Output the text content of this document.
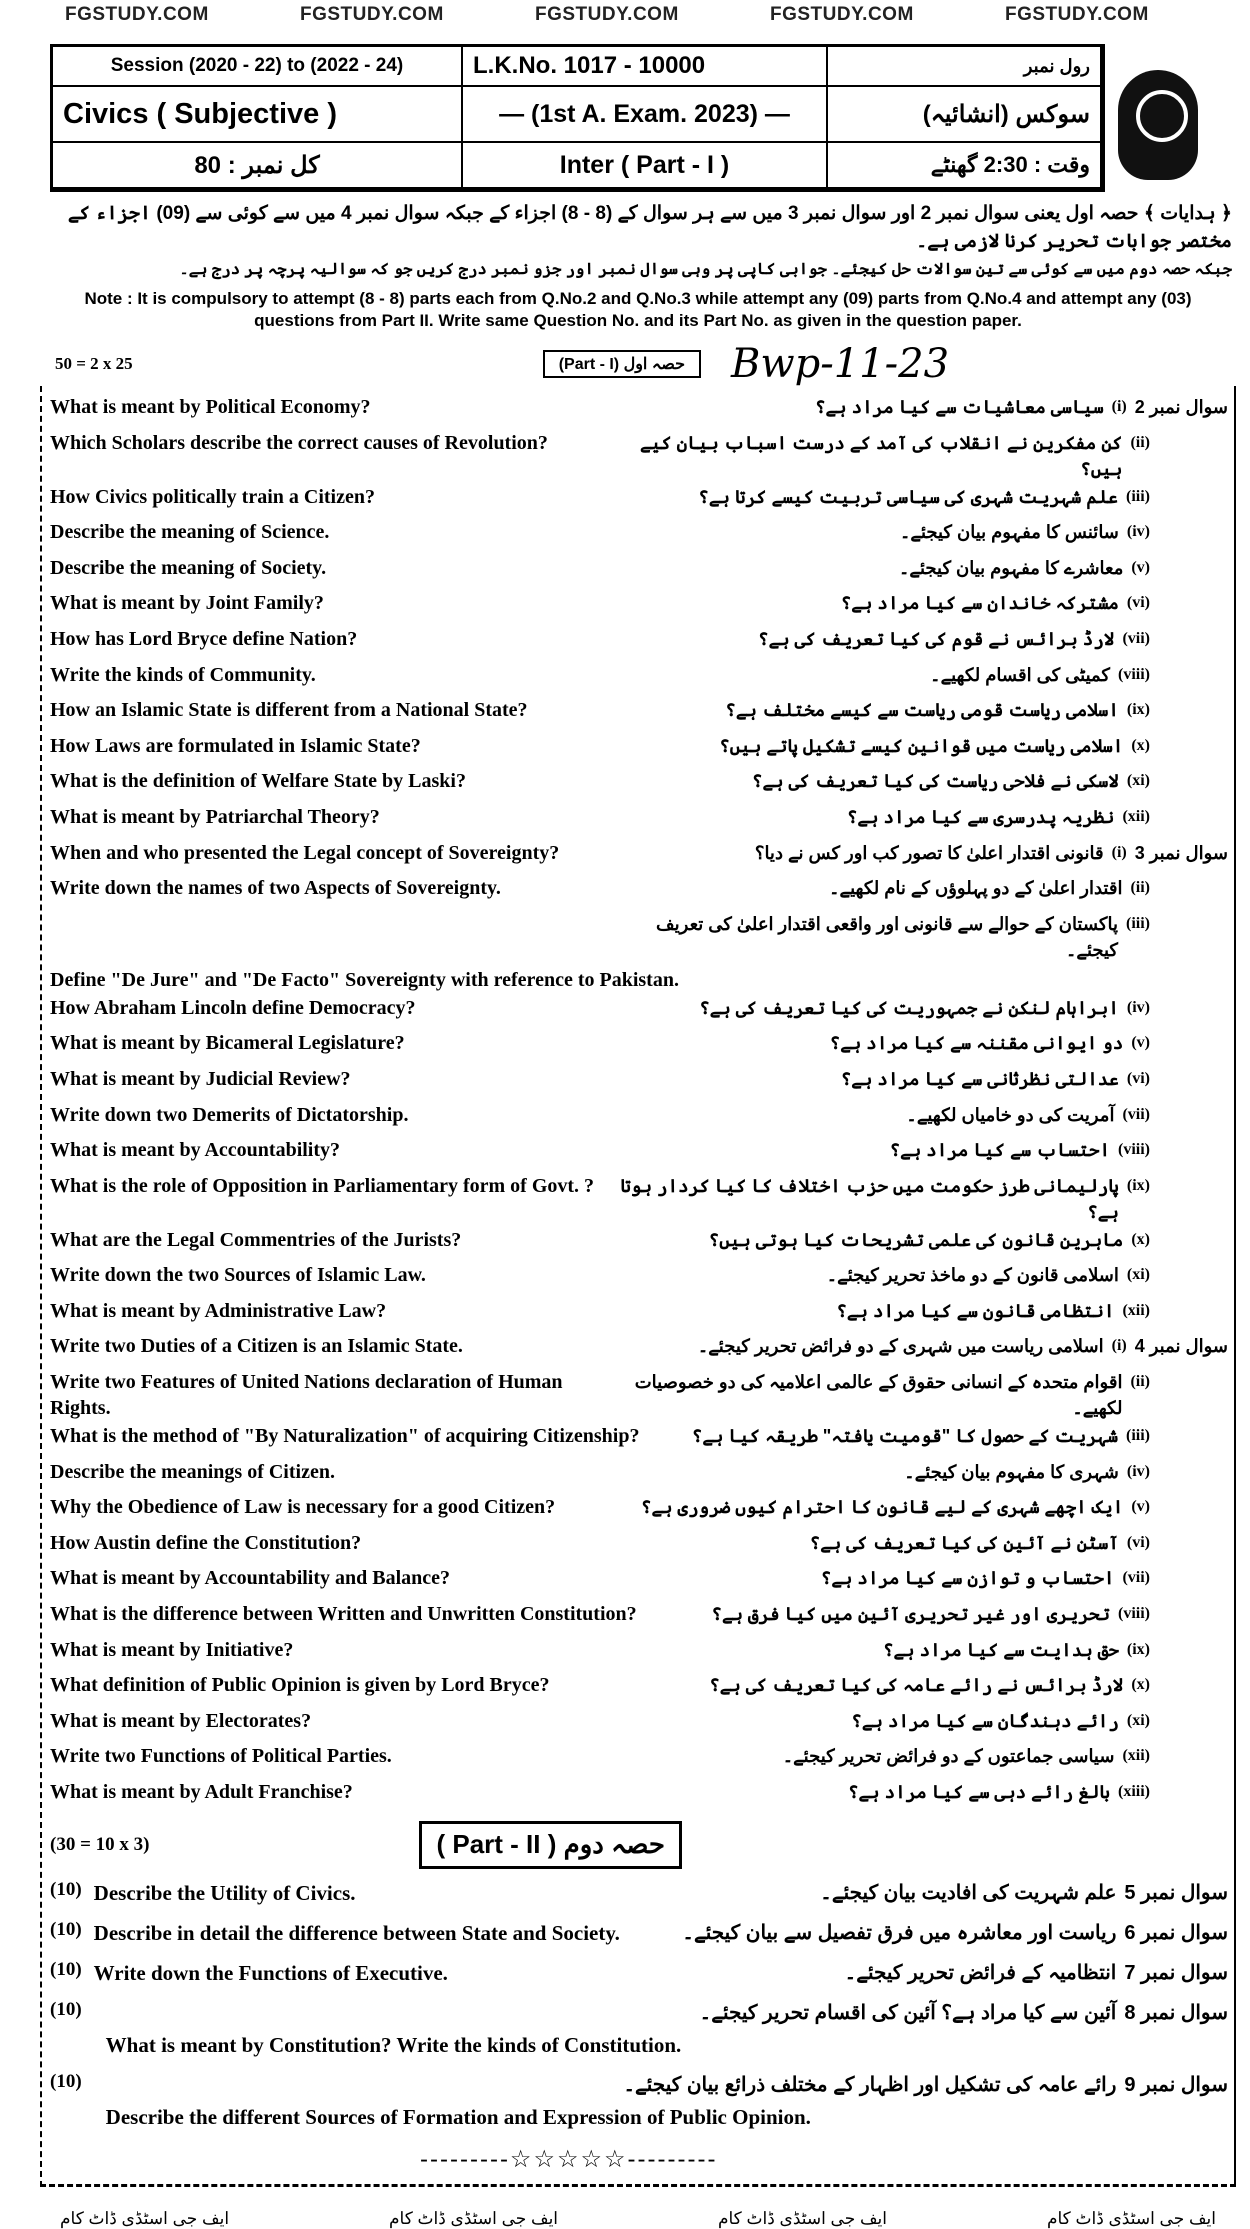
FGSTUDY.COM	FGSTUDY.COM	FGSTUDY.COM	FGSTUDY.COM	FGSTUDY.COM
Session (2020 - 22) to (2022 - 24)	L.K.No. 1017 - 10000	رول نمبر
Civics ( Subjective )	— (1st A. Exam. 2023) —	سوکس (انشائیہ)
کل نمبر : 80	Inter ( Part - I )	وقت : 2:30 گھنٹے
﴿ ہدایات ﴾ حصہ اول یعنی سوال نمبر 2 اور سوال نمبر 3 میں سے ہر سوال کے (8 - 8) اجزاء کے جبکہ سوال نمبر 4 میں سے کوئی سے (09) اجزاء کے مختصر جوابات تحریر کرنا لازمی ہے۔
جبکہ حصہ دوم میں سے کوئی سے تین سوالات حل کیجئے۔ جوابی کاپی پر وہی سوال نمبر اور جزو نمبر درج کریں جو کہ سوالیہ پرچہ پر درج ہے۔
Note : It is compulsory to attempt (8 - 8) parts each from Q.No.2 and Q.No.3 while attempt any (09) parts from Q.No.4 and attempt any (03) questions from Part II. Write same Question No. and its Part No. as given in the question paper.
50 = 2 x 25	(Part - I) حصہ اول	Bwp-11-23
What is meant by Political Economy?	سوال نمبر 2
(i)
سیاسی معاشیات سے کیا مراد ہے؟
Which Scholars describe the correct causes of Revolution?	(ii)
کن مفکرین نے انقلاب کی آمد کے درست اسباب بیان کیے ہیں؟
How Civics politically train a Citizen?	(iii)
علم شہریت شہری کی سیاسی تربیت کیسے کرتا ہے؟
Describe the meaning of Science.	(iv)
سائنس کا مفہوم بیان کیجئے۔
Describe the meaning of Society.	(v)
معاشرے کا مفہوم بیان کیجئے۔
What is meant by Joint Family?	(vi)
مشترکہ خاندان سے کیا مراد ہے؟
How has Lord Bryce define Nation?	(vii)
لارڈ برائس نے قوم کی کیا تعریف کی ہے؟
Write the kinds of Community.	(viii)
کمیٹی کی اقسام لکھیے۔
How an Islamic State is different from a National State?	(ix)
اسلامی ریاست قومی ریاست سے کیسے مختلف ہے؟
How Laws are formulated in Islamic State?	(x)
اسلامی ریاست میں قوانین کیسے تشکیل پاتے ہیں؟
What is the definition of Welfare State by Laski?	(xi)
لاسکی نے فلاحی ریاست کی کیا تعریف کی ہے؟
What is meant by Patriarchal Theory?	(xii)
نظریہ پدرسری سے کیا مراد ہے؟
When and who presented the Legal concept of Sovereignty?	سوال نمبر 3
(i)
قانونی اقتدار اعلیٰ کا تصور کب اور کس نے دیا؟
Write down the names of two Aspects of Sovereignty.	(ii)
اقتدار اعلیٰ کے دو پہلوؤں کے نام لکھیے۔
(iii)
پاکستان کے حوالے سے قانونی اور واقعی اقتدار اعلیٰ کی تعریف کیجئے۔
Define "De Jure" and "De Facto" Sovereignty with reference to Pakistan.
How Abraham Lincoln define Democracy?	(iv)
ابراہام لنکن نے جمہوریت کی کیا تعریف کی ہے؟
What is meant by Bicameral Legislature?	(v)
دو ایوانی مقننہ سے کیا مراد ہے؟
What is meant by Judicial Review?	(vi)
عدالتی نظرثانی سے کیا مراد ہے؟
Write down two Demerits of Dictatorship.	(vii)
آمریت کی دو خامیاں لکھیے۔
What is meant by Accountability?	(viii)
احتساب سے کیا مراد ہے؟
What is the role of Opposition in Parliamentary form of Govt. ?	(ix)
پارلیمانی طرز حکومت میں حزب اختلاف کا کیا کردار ہوتا ہے؟
What are the Legal Commentries of the Jurists?	(x)
ماہرین قانون کی علمی تشریحات کیا ہوتی ہیں؟
Write down the two Sources of Islamic Law.	(xi)
اسلامی قانون کے دو ماخذ تحریر کیجئے۔
What is meant by Administrative Law?	(xii)
انتظامی قانون سے کیا مراد ہے؟
Write two Duties of a Citizen is an Islamic State.	سوال نمبر 4
(i)
اسلامی ریاست میں شہری کے دو فرائض تحریر کیجئے۔
Write two Features of United Nations declaration of Human Rights.
(ii)
اقوام متحدہ کے انسانی حقوق کے عالمی اعلامیہ کی دو خصوصیات لکھیے۔
What is the method of "By Naturalization" of acquiring Citizenship?	(iii)
شہریت کے حصول کا "قومیت یافتہ" طریقہ کیا ہے؟
Describe the meanings of Citizen.	(iv)
شہری کا مفہوم بیان کیجئے۔
Why the Obedience of Law is necessary for a good Citizen?	(v)
ایک اچھے شہری کے لیے قانون کا احترام کیوں ضروری ہے؟
How Austin define the Constitution?	(vi)
آسٹن نے آئین کی کیا تعریف کی ہے؟
What is meant by Accountability and Balance?	(vii)
احتساب و توازن سے کیا مراد ہے؟
What is the difference between Written and Unwritten Constitution?	(viii)
تحریری اور غیر تحریری آئین میں کیا فرق ہے؟
What is meant by Initiative?	(ix)
حق ہدایت سے کیا مراد ہے؟
What definition of Public Opinion is given by Lord Bryce?	(x)
لارڈ برائس نے رائے عامہ کی کیا تعریف کی ہے؟
What is meant by Electorates?	(xi)
رائے دہندگان سے کیا مراد ہے؟
Write two Functions of Political Parties.	(xii)
سیاسی جماعتوں کے دو فرائض تحریر کیجئے۔
What is meant by Adult Franchise?	(xiii)
بالغ رائے دہی سے کیا مراد ہے؟
(30 = 10 x 3)	( Part - II ) حصہ دوم
(10) Describe the Utility of Civics.	سوال نمبر 5
علم شہریت کی افادیت بیان کیجئے۔
(10) Describe in detail the difference between State and Society.	سوال نمبر 6
ریاست اور معاشرہ میں فرق تفصیل سے بیان کیجئے۔
(10) Write down the Functions of Executive.	سوال نمبر 7
انتظامیہ کے فرائض تحریر کیجئے۔
(10)	سوال نمبر 8
آئین سے کیا مراد ہے؟ آئین کی اقسام تحریر کیجئے۔
What is meant by Constitution? Write the kinds of Constitution.
(10)	سوال نمبر 9
رائے عامہ کی تشکیل اور اظہار کے مختلف ذرائع بیان کیجئے۔
Describe the different Sources of Formation and Expression of Public Opinion.
---------☆☆☆☆☆---------
ایف جی اسٹڈی ڈاٹ کام	ایف جی اسٹڈی ڈاٹ کام	ایف جی اسٹڈی ڈاٹ کام	ایف جی اسٹڈی ڈاٹ کام
